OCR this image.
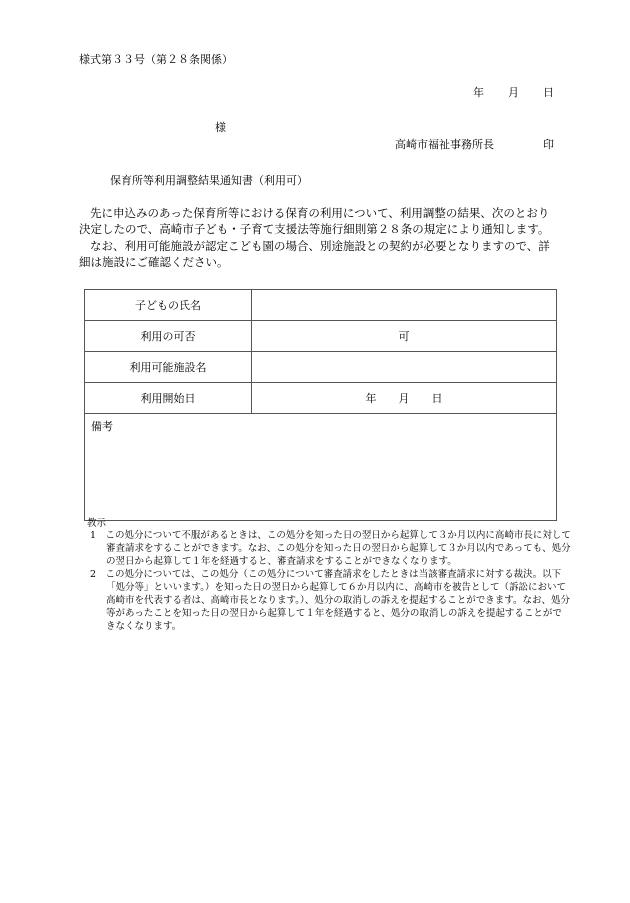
様式第３３号（第２８条関係）
年 月 日
様
高崎市福祉事務所長	印
保育所等利用調整結果通知書（利用可）

先に申込みのあった保育所等における保育の利用について、利用調整の結果、次のとおり決定したので、高崎市子ども・子育て支援法等施行細則第２８条の規定により通知します。

なお、利用可能施設が認定こども園の場合、別途施設との契約が必要となりますので、詳細は施設にご確認ください。

子どもの氏名	
利用の可否	可
利用可能施設名	
利用開始日	年　　月　　日
備考	
教示

1　この処分について不服があるときは、この処分を知った日の翌日から起算して３か月以内に高崎市長に対して審査請求をすることができます。なお、この処分を知った日の翌日から起算して３か月以内であっても、処分の翌日から起算して１年を経過すると、審査請求をすることができなくなります。

2　この処分については、この処分（この処分について審査請求をしたときは当該審査請求に対する裁決。以下「処分等」といいます。）を知った日の翌日から起算して６か月以内に、高崎市を被告として（訴訟において高崎市を代表する者は、高崎市長となります。）、処分の取消しの訴えを提起することができます。なお、処分等があったことを知った日の翌日から起算して１年を経過すると、処分の取消しの訴えを提起することができなくなります。
